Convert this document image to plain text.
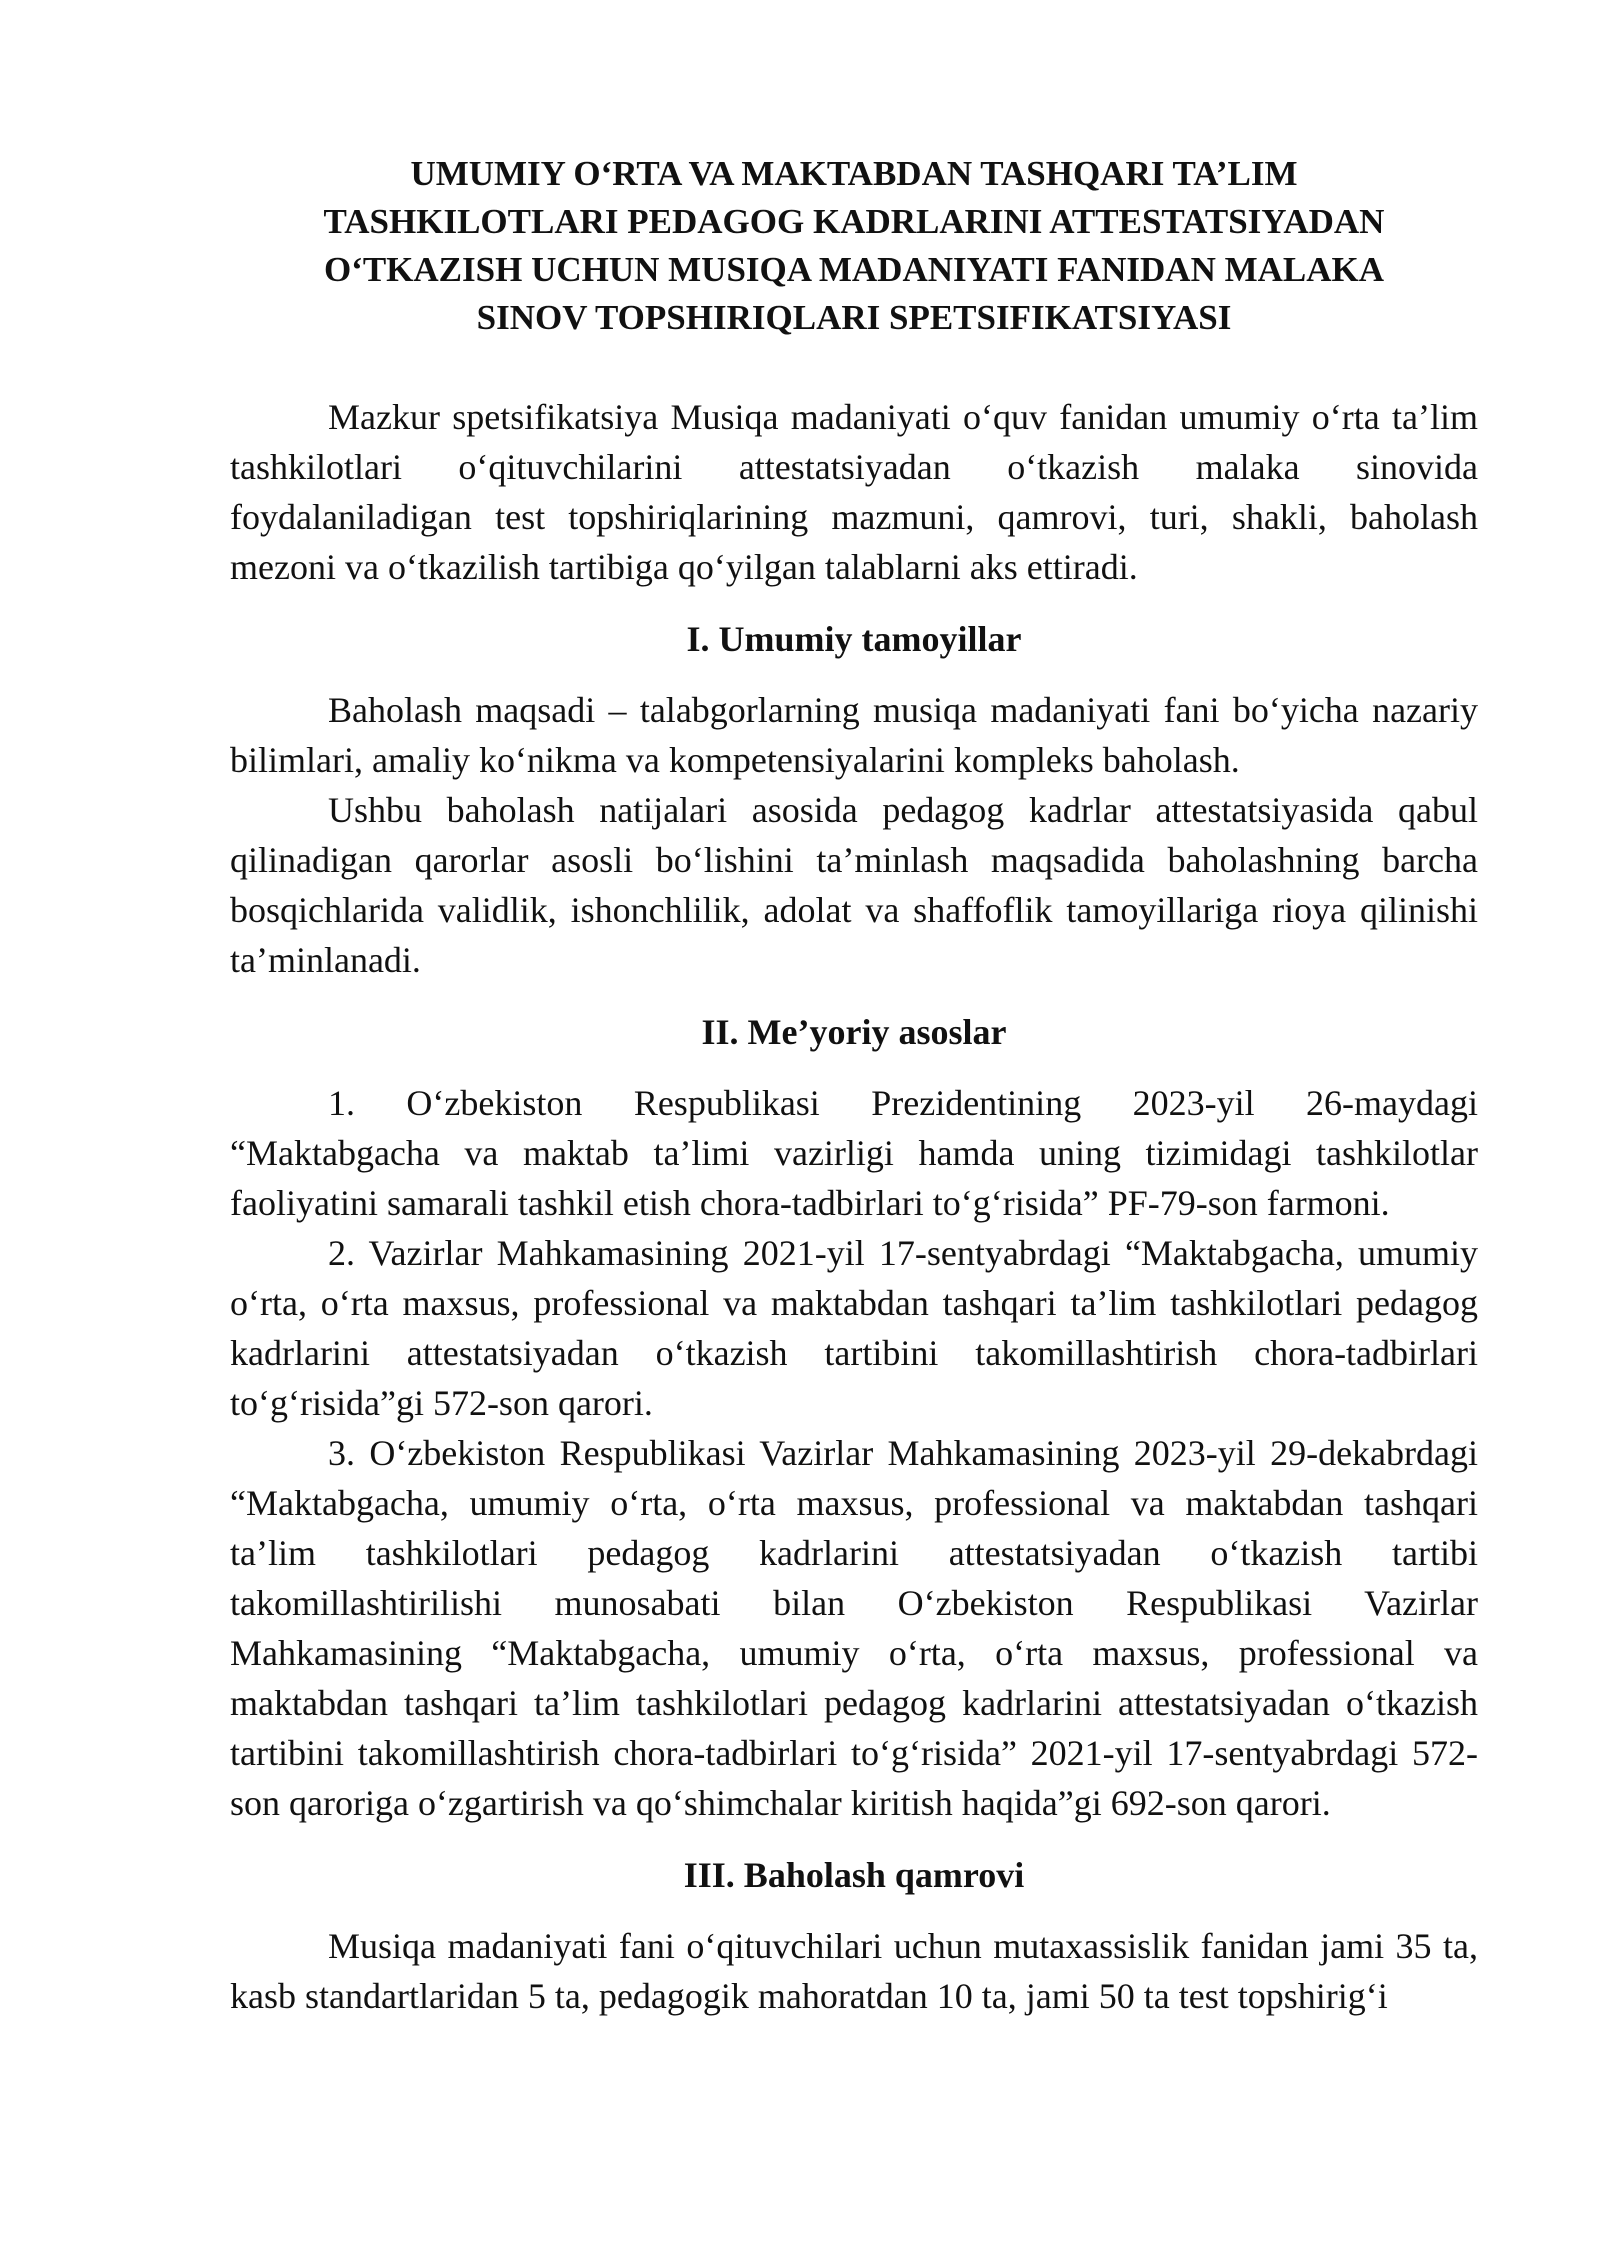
UMUMIY O‘RTA VA MAKTABDAN TASHQARI TA’LIM
TASHKILOTLARI PEDAGOG KADRLARINI ATTESTATSIYADAN
O‘TKAZISH UCHUN MUSIQA MADANIYATI FANIDAN MALAKA
SINOV TOPSHIRIQLARI SPETSIFIKATSIYASI

Mazkur spetsifikatsiya Musiqa madaniyati o‘quv fanidan umumiy o‘rta ta’lim tashkilotlari o‘qituvchilarini attestatsiyadan o‘tkazish malaka sinovida foydalaniladigan test topshiriqlarining mazmuni, qamrovi, turi, shakli, baholash mezoni va o‘tkazilish tartibiga qo‘yilgan talablarni aks ettiradi.

I. Umumiy tamoyillar

Baholash maqsadi – talabgorlarning musiqa madaniyati fani bo‘yicha nazariy bilimlari, amaliy ko‘nikma va kompetensiyalarini kompleks baholash.

Ushbu baholash natijalari asosida pedagog kadrlar attestatsiyasida qabul qilinadigan qarorlar asosli bo‘lishini ta’minlash maqsadida baholashning barcha bosqichlarida validlik, ishonchlilik, adolat va shaffoflik tamoyillariga rioya qilinishi ta’minlanadi.

II. Me’yoriy asoslar

1. O‘zbekiston Respublikasi Prezidentining 2023-yil 26-maydagi “Maktabgacha va maktab ta’limi vazirligi hamda uning tizimidagi tashkilotlar faoliyatini samarali tashkil etish chora-tadbirlari to‘g‘risida” PF-79-son farmoni.

2. Vazirlar Mahkamasining 2021-yil 17-sentyabrdagi “Maktabgacha, umumiy o‘rta, o‘rta maxsus, professional va maktabdan tashqari ta’lim tashkilotlari pedagog kadrlarini attestatsiyadan o‘tkazish tartibini takomillashtirish chora-tadbirlari to‘g‘risida”gi 572-son qarori.

3. O‘zbekiston Respublikasi Vazirlar Mahkamasining 2023-yil 29-dekabrdagi “Maktabgacha, umumiy o‘rta, o‘rta maxsus, professional va maktabdan tashqari ta’lim tashkilotlari pedagog kadrlarini attestatsiyadan o‘tkazish tartibi takomillashtirilishi munosabati bilan O‘zbekiston Respublikasi Vazirlar Mahkamasining “Maktabgacha, umumiy o‘rta, o‘rta maxsus, professional va maktabdan tashqari ta’lim tashkilotlari pedagog kadrlarini attestatsiyadan o‘tkazish tartibini takomillashtirish chora-tadbirlari to‘g‘risida” 2021-yil 17-sentyabrdagi 572-son qaroriga o‘zgartirish va qo‘shimchalar kiritish haqida”gi 692-son qarori.

III. Baholash qamrovi

Musiqa madaniyati fani o‘qituvchilari uchun mutaxassislik fanidan jami 35 ta, kasb standartlaridan 5 ta, pedagogik mahoratdan 10 ta, jami 50 ta test topshirig‘i
